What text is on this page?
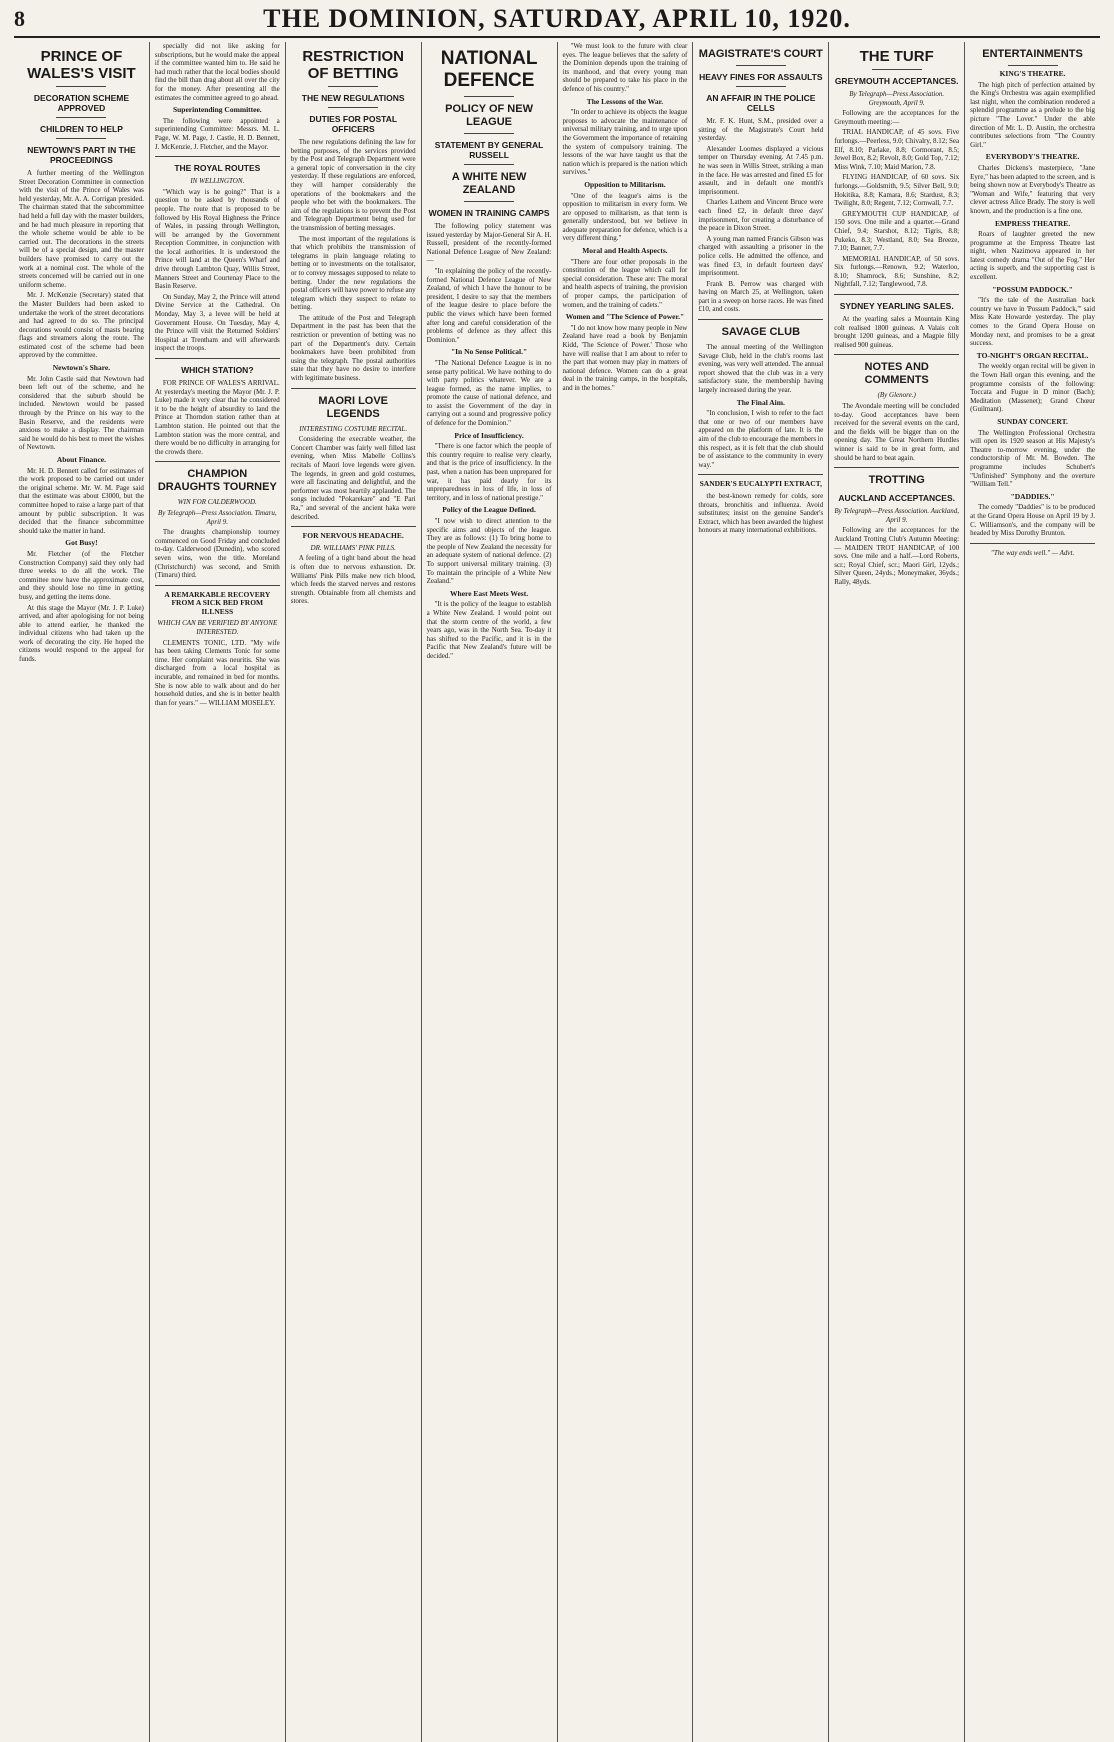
8	THE DOMINION, SATURDAY, APRIL 10, 1920.
PRINCE OF WALES'S VISIT
DECORATION SCHEME APPROVED
CHILDREN TO HELP
NEWTOWN'S PART IN THE PROCEEDINGS

A further meeting of the Wellington Street Decoration Committee in connection with the visit of the Prince of Wales was held yesterday, Mr. A. A. Corrigan presided. The chairman stated that the subcommittee had held a full day with the master builders, and he had much pleasure in reporting that the whole scheme would be able to be carried out. The decorations in the streets will be of a special design, and the master builders have promised to carry out the work at a nominal cost. The whole of the streets concerned will be carried out in one uniform scheme.

Mr. J. McKenzie (Secretary) stated that the Master Builders had been asked to undertake the work of the street decorations and had agreed to do so. The principal decorations would consist of masts bearing flags and streamers along the route. The estimated cost of the scheme had been approved by the committee.

Newtown's Share.

Mr. John Castle said that Newtown had been left out of the scheme, and he considered that the suburb should be included. Newtown would be passed through by the Prince on his way to the Basin Reserve, and the residents were anxious to make a display. The chairman said he would do his best to meet the wishes of Newtown.

About Finance.

Mr. H. D. Bennett called for estimates of the work proposed to be carried out under the original scheme. Mr. W. M. Page said that the estimate was about £3000, but the committee hoped to raise a large part of that amount by public subscription. It was decided that the finance subcommittee should take the matter in hand.

Got Busy!

Mr. Fletcher (of the Fletcher Construction Company) said they only had three weeks to do all the work. The committee now have the approximate cost, and they should lose no time in getting busy, and getting the items done.

At this stage the Mayor (Mr. J. P. Luke) arrived, and after apologising for not being able to attend earlier, he thanked the individual citizens who had taken up the work of decorating the city. He hoped the citizens would respond to the appeal for funds.

specially did not like asking for subscriptions, but he would make the appeal if the committee wanted him to. He said he had much rather that the local bodies should find the bill than drag about all over the city for the money. After presenting all the estimates the committee agreed to go ahead.

Superintending Committee.

The following were appointed a superintending Committee: Messrs. M. L. Page, W. M. Page, J. Castle, H. D. Bennett, J. McKenzie, J. Fletcher, and the Mayor.

THE ROYAL ROUTES
IN WELLINGTON.

"Which way is he going?" That is a question to be asked by thousands of people. The route that is proposed to be followed by His Royal Highness the Prince of Wales, in passing through Wellington, will be arranged by the Government Reception Committee, in conjunction with the local authorities. It is understood the Prince will land at the Queen's Wharf and drive through Lambton Quay, Willis Street, Manners Street and Courtenay Place to the Basin Reserve.

On Sunday, May 2, the Prince will attend Divine Service at the Cathedral. On Monday, May 3, a levee will be held at Government House. On Tuesday, May 4, the Prince will visit the Returned Soldiers' Hospital at Trentham and will afterwards inspect the troops.

WHICH STATION?

FOR PRINCE OF WALES'S ARRIVAL. At yesterday's meeting the Mayor (Mr. J. P. Luke) made it very clear that he considered it to be the height of absurdity to land the Prince at Thorndon station rather than at Lambton station. He pointed out that the Lambton station was the more central, and there would be no difficulty in arranging for the crowds there.

CHAMPION DRAUGHTS TOURNEY
WIN FOR CALDERWOOD.
By Telegraph—Press Association. Timaru, April 9.

The draughts championship tourney commenced on Good Friday and concluded to-day. Calderwood (Dunedin), who scored seven wins, won the title. Moreland (Christchurch) was second, and Smith (Timaru) third.

A REMARKABLE RECOVERY FROM A SICK BED FROM ILLNESS
WHICH CAN BE VERIFIED BY ANYONE INTERESTED.

CLEMENTS TONIC, LTD. "My wife has been taking Clements Tonic for some time. Her complaint was neuritis. She was discharged from a local hospital as incurable, and remained in bed for months. She is now able to walk about and do her household duties, and she is in better health than for years." — WILLIAM MOSELEY.

RESTRICTION OF BETTING
THE NEW REGULATIONS
DUTIES FOR POSTAL OFFICERS

The new regulations defining the law for betting purposes, of the services provided by the Post and Telegraph Department were a general topic of conversation in the city yesterday. If these regulations are enforced, they will hamper considerably the operations of the bookmakers and the people who bet with the bookmakers. The aim of the regulations is to prevent the Post and Telegraph Department being used for the transmission of betting messages.

The most important of the regulations is that which prohibits the transmission of telegrams in plain language relating to betting or to investments on the totalisator, or to convey messages supposed to relate to betting. Under the new regulations the postal officers will have power to refuse any telegram which they suspect to relate to betting.

The attitude of the Post and Telegraph Department in the past has been that the restriction or prevention of betting was no part of the Department's duty. Certain bookmakers have been prohibited from using the telegraph. The postal authorities state that they have no desire to interfere with legitimate business.

MAORI LOVE LEGENDS
INTERESTING COSTUME RECITAL.

Considering the execrable weather, the Concert Chamber was fairly well filled last evening, when Miss Mabelle Collins's recitals of Maori love legends were given. The legends, in green and gold costumes, were all fascinating and delightful, and the performer was most heartily applauded. The songs included "Pokarekare" and "E Pari Ra," and several of the ancient haka were described.

FOR NERVOUS HEADACHE.
DR. WILLIAMS' PINK PILLS.

A feeling of a tight band about the head is often due to nervous exhaustion. Dr. Williams' Pink Pills make new rich blood, which feeds the starved nerves and restores strength. Obtainable from all chemists and stores.

NATIONAL DEFENCE
POLICY OF NEW LEAGUE
STATEMENT BY GENERAL RUSSELL
A WHITE NEW ZEALAND
WOMEN IN TRAINING CAMPS

The following policy statement was issued yesterday by Major-General Sir A. H. Russell, president of the recently-formed National Defence League of New Zealand:—

"In explaining the policy of the recently-formed National Defence League of New Zealand, of which I have the honour to be president, I desire to say that the members of the league desire to place before the public the views which have been formed after long and careful consideration of the problems of defence as they affect this Dominion."

"In No Sense Political."

"The National Defence League is in no sense party political. We have nothing to do with party politics whatever. We are a league formed, as the name implies, to promote the cause of national defence, and to assist the Government of the day in carrying out a sound and progressive policy of defence for the Dominion."

Price of Insufficiency.

"There is one factor which the people of this country require to realise very clearly, and that is the price of insufficiency. In the past, when a nation has been unprepared for war, it has paid dearly for its unpreparedness in loss of life, in loss of territory, and in loss of national prestige."

Policy of the League Defined.

"I now wish to direct attention to the specific aims and objects of the league. They are as follows: (1) To bring home to the people of New Zealand the necessity for an adequate system of national defence. (2) To support universal military training. (3) To maintain the principle of a White New Zealand."

Where East Meets West.

"It is the policy of the league to establish a White New Zealand. I would point out that the storm centre of the world, a few years ago, was in the North Sea. To-day it has shifted to the Pacific, and it is in the Pacific that New Zealand's future will be decided."

"We must look to the future with clear eyes. The league believes that the safety of the Dominion depends upon the training of its manhood, and that every young man should be prepared to take his place in the defence of his country."

The Lessons of the War.

"In order to achieve its objects the league proposes to advocate the maintenance of universal military training, and to urge upon the Government the importance of retaining the system of compulsory training. The lessons of the war have taught us that the nation which is prepared is the nation which survives."

Opposition to Militarism.

"One of the league's aims is the opposition to militarism in every form. We are opposed to militarism, as that term is generally understood, but we believe in adequate preparation for defence, which is a very different thing."

Moral and Health Aspects.

"There are four other proposals in the constitution of the league which call for special consideration. These are: The moral and health aspects of training, the provision of proper camps, the participation of women, and the training of cadets."

Women and "The Science of Power."

"I do not know how many people in New Zealand have read a book by Benjamin Kidd, 'The Science of Power.' Those who have will realise that I am about to refer to the part that women may play in matters of national defence. Women can do a great deal in the training camps, in the hospitals, and in the homes."

MAGISTRATE'S COURT
HEAVY FINES FOR ASSAULTS
AN AFFAIR IN THE POLICE CELLS

Mr. F. K. Hunt, S.M., presided over a sitting of the Magistrate's Court held yesterday.

Alexander Loomes displayed a vicious temper on Thursday evening. At 7.45 p.m. he was seen in Willis Street, striking a man in the face. He was arrested and fined £5 for assault, and in default one month's imprisonment.

Charles Lathem and Vincent Bruce were each fined £2, in default three days' imprisonment, for creating a disturbance of the peace in Dixon Street.

A young man named Francis Gibson was charged with assaulting a prisoner in the police cells. He admitted the offence, and was fined £3, in default fourteen days' imprisonment.

Frank B. Perrow was charged with having on March 25, at Wellington, taken part in a sweep on horse races. He was fined £10, and costs.

SAVAGE CLUB

The annual meeting of the Wellington Savage Club, held in the club's rooms last evening, was very well attended. The annual report showed that the club was in a very satisfactory state, the membership having largely increased during the year.

The Final Aim.

"In conclusion, I wish to refer to the fact that one or two of our members have appeared on the platform of late. It is the aim of the club to encourage the members in this respect, as it is felt that the club should be of assistance to the community in every way."

SANDER'S EUCALYPTI EXTRACT,

the best-known remedy for colds, sore throats, bronchitis and influenza. Avoid substitutes; insist on the genuine Sander's Extract, which has been awarded the highest honours at many international exhibitions.

THE TURF
GREYMOUTH ACCEPTANCES.
By Telegraph—Press Association. Greymouth, April 9.

Following are the acceptances for the Greymouth meeting:—

TRIAL HANDICAP, of 45 sovs. Five furlongs.—Peerless, 9.0; Chivalry, 8.12; Sea Elf, 8.10; Parlake, 8.8; Cormorant, 8.5; Jewel Box, 8.2; Revolt, 8.0; Gold Top, 7.12; Miss Wink, 7.10; Maid Marion, 7.8.

FLYING HANDICAP, of 60 sovs. Six furlongs.—Goldsmith, 9.5; Silver Bell, 9.0; Hokitika, 8.8; Kamara, 8.6; Stardust, 8.3; Twilight, 8.0; Regent, 7.12; Cornwall, 7.7.

GREYMOUTH CUP HANDICAP, of 150 sovs. One mile and a quarter.—Grand Chief, 9.4; Starshot, 8.12; Tigris, 8.8; Pukeko, 8.3; Westland, 8.0; Sea Breeze, 7.10; Banner, 7.7.

MEMORIAL HANDICAP, of 50 sovs. Six furlongs.—Renown, 9.2; Waterloo, 8.10; Shamrock, 8.6; Sunshine, 8.2; Nightfall, 7.12; Tanglewood, 7.8.

SYDNEY YEARLING SALES.

At the yearling sales a Mountain King colt realised 1800 guineas. A Valais colt brought 1200 guineas, and a Magpie filly realised 900 guineas.

NOTES AND COMMENTS
(By Glenore.)

The Avondale meeting will be concluded to-day. Good acceptances have been received for the several events on the card, and the fields will be bigger than on the opening day. The Great Northern Hurdles winner is said to be in great form, and should be hard to beat again.

TROTTING
AUCKLAND ACCEPTANCES.
By Telegraph—Press Association. Auckland, April 9.

Following are the acceptances for the Auckland Trotting Club's Autumn Meeting:— MAIDEN TROT HANDICAP, of 100 sovs. One mile and a half.—Lord Roberts, scr.; Royal Chief, scr.; Maori Girl, 12yds.; Silver Queen, 24yds.; Moneymaker, 36yds.; Rally, 48yds.

ENTERTAINMENTS
KING'S THEATRE.

The high pitch of perfection attained by the King's Orchestra was again exemplified last night, when the combination rendered a splendid programme as a prelude to the big picture "The Lover." Under the able direction of Mr. L. D. Austin, the orchestra contributes selections from "The Country Girl."

EVERYBODY'S THEATRE.

Charles Dickens's masterpiece, "Jane Eyre," has been adapted to the screen, and is being shown now at Everybody's Theatre as "Woman and Wife," featuring that very clever actress Alice Brady. The story is well known, and the production is a fine one.

EMPRESS THEATRE.

Roars of laughter greeted the new programme at the Empress Theatre last night, when Nazimova appeared in her latest comedy drama "Out of the Fog." Her acting is superb, and the supporting cast is excellent.

"POSSUM PADDOCK."

"It's the tale of the Australian back country we have in 'Possum Paddock,'" said Miss Kate Howarde yesterday. The play comes to the Grand Opera House on Monday next, and promises to be a great success.

TO-NIGHT'S ORGAN RECITAL.

The weekly organ recital will be given in the Town Hall organ this evening, and the programme consists of the following: Toccata and Fugue in D minor (Bach); Meditation (Massenet); Grand Chœur (Guilmant).

SUNDAY CONCERT.

The Wellington Professional Orchestra will open its 1920 season at His Majesty's Theatre to-morrow evening, under the conductorship of Mr. M. Bowden. The programme includes Schubert's "Unfinished" Symphony and the overture "William Tell."

"DADDIES."

The comedy "Daddies" is to be produced at the Grand Opera House on April 19 by J. C. Williamson's, and the company will be headed by Miss Dorothy Brunton.

"The way ends well." — Advt.
